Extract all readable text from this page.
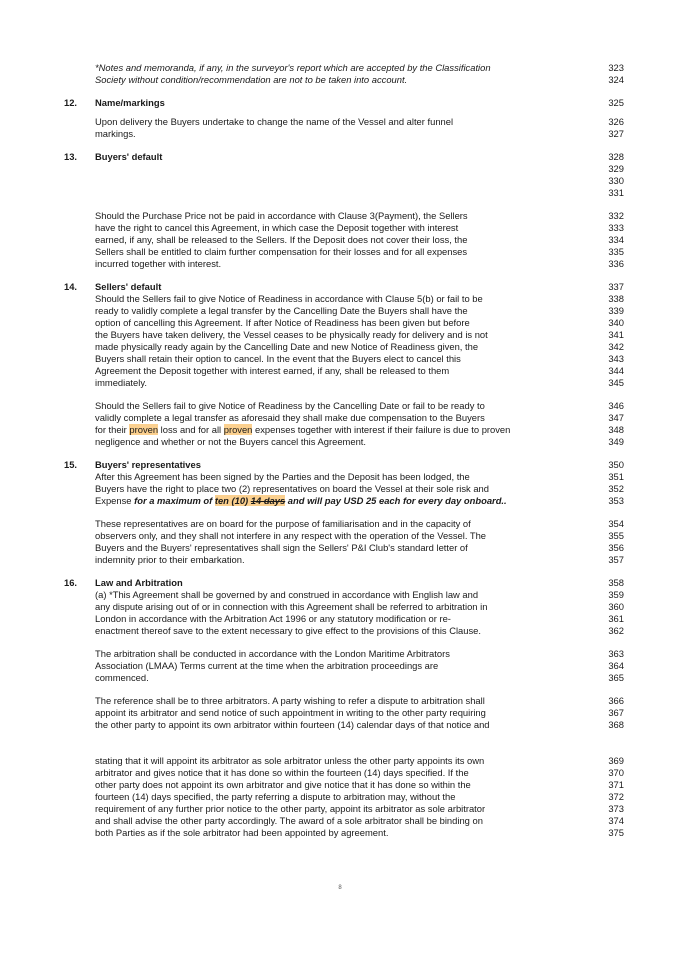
8
*Notes and memoranda, if any, in the surveyor's report which are accepted by the Classification	323
Society without condition/recommendation are not to be taken into account.	324
12. Name/markings	325
Upon delivery the Buyers undertake to change the name of the Vessel and alter funnel	326
markings.	327
13. Buyers' default	328
329
330
331
Should the Purchase Price not be paid in accordance with Clause 3(Payment), the Sellers	332
have the right to cancel this Agreement, in which case the Deposit together with interest	333
earned, if any, shall be released to the Sellers. If the Deposit does not cover their loss, the	334
Sellers shall be entitled to claim further compensation for their losses and for all expenses	335
incurred together with interest.	336
14. Sellers' default	337
Should the Sellers fail to give Notice of Readiness in accordance with Clause 5(b) or fail to be	338
ready to validly complete a legal transfer by the Cancelling Date the Buyers shall have the	339
option of cancelling this Agreement. If after Notice of Readiness has been given but before	340
the Buyers have taken delivery, the Vessel ceases to be physically ready for delivery and is not	341
made physically ready again by the Cancelling Date and new Notice of Readiness given, the	342
Buyers shall retain their option to cancel. In the event that the Buyers elect to cancel this	343
Agreement the Deposit together with interest earned, if any, shall be released to them	344
immediately.	345
Should the Sellers fail to give Notice of Readiness by the Cancelling Date or fail to be ready to	346
validly complete a legal transfer as aforesaid they shall make due compensation to the Buyers	347
for their proven loss and for all proven expenses together with interest if their failure is due to proven	348
negligence and whether or not the Buyers cancel this Agreement.	349
15. Buyers' representatives	350
After this Agreement has been signed by the Parties and the Deposit has been lodged, the	351
Buyers have the right to place two (2) representatives on board the Vessel at their sole risk and	352
Expense for a maximum of ten (10) 14 days and will pay USD 25 each for every day onboard..	353
These representatives are on board for the purpose of familiarisation and in the capacity of	354
observers only, and they shall not interfere in any respect with the operation of the Vessel. The	355
Buyers and the Buyers' representatives shall sign the Sellers' P&I Club's standard letter of	356
indemnity prior to their embarkation.	357
16. Law and Arbitration	358
(a) *This Agreement shall be governed by and construed in accordance with English law and	359
any dispute arising out of or in connection with this Agreement shall be referred to arbitration in	360
London in accordance with the Arbitration Act 1996 or any statutory modification or re-	361
enactment thereof save to the extent necessary to give effect to the provisions of this Clause.	362
The arbitration shall be conducted in accordance with the London Maritime Arbitrators	363
Association (LMAA) Terms current at the time when the arbitration proceedings are	364
commenced.	365
The reference shall be to three arbitrators. A party wishing to refer a dispute to arbitration shall	366
appoint its arbitrator and send notice of such appointment in writing to the other party requiring	367
the other party to appoint its own arbitrator within fourteen (14) calendar days of that notice and	368
stating that it will appoint its arbitrator as sole arbitrator unless the other party appoints its own	369
arbitrator and gives notice that it has done so within the fourteen (14) days specified. If the	370
other party does not appoint its own arbitrator and give notice that it has done so within the	371
fourteen (14) days specified, the party referring a dispute to arbitration may, without the	372
requirement of any further prior notice to the other party, appoint its arbitrator as sole arbitrator	373
and shall advise the other party accordingly. The award of a sole arbitrator shall be binding on	374
both Parties as if the sole arbitrator had been appointed by agreement.	375
